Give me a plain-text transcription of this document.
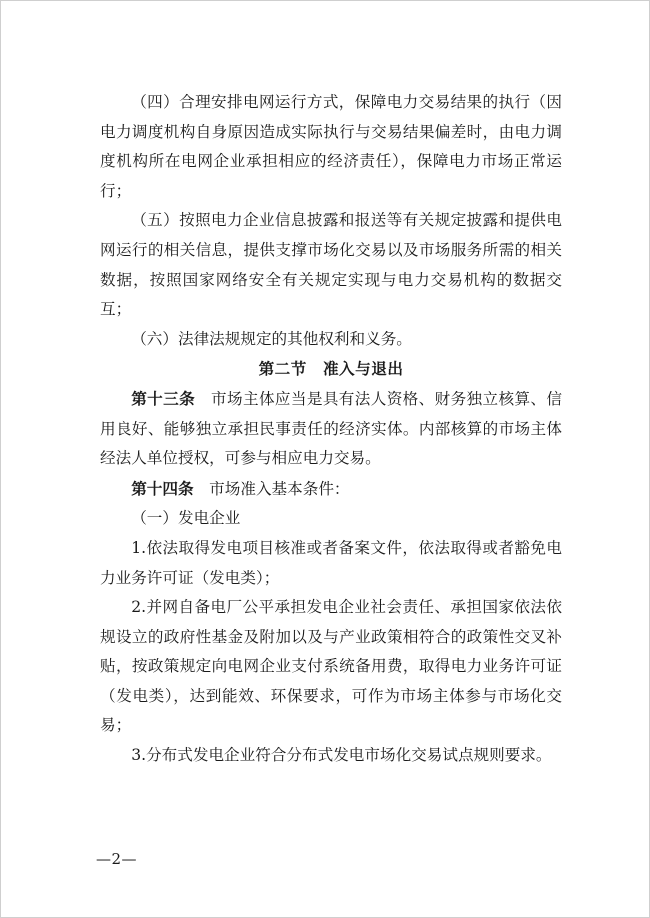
（四）合理安排电网运行方式，保障电力交易结果的执行（因电力调度机构自身原因造成实际执行与交易结果偏差时，由电力调度机构所在电网企业承担相应的经济责任），保障电力市场正常运行；

（五）按照电力企业信息披露和报送等有关规定披露和提供电网运行的相关信息，提供支撑市场化交易以及市场服务所需的相关数据，按照国家网络安全有关规定实现与电力交易机构的数据交互；

（六）法律法规规定的其他权利和义务。

第二节　准入与退出

第十三条　市场主体应当是具有法人资格、财务独立核算、信用良好、能够独立承担民事责任的经济实体。内部核算的市场主体经法人单位授权，可参与相应电力交易。

第十四条　市场准入基本条件：

（一）发电企业

1.依法取得发电项目核准或者备案文件，依法取得或者豁免电力业务许可证（发电类）；

2.并网自备电厂公平承担发电企业社会责任、承担国家依法依规设立的政府性基金及附加以及与产业政策相符合的政策性交叉补贴，按政策规定向电网企业支付系统备用费，取得电力业务许可证（发电类），达到能效、环保要求，可作为市场主体参与市场化交易；

3.分布式发电企业符合分布式发电市场化交易试点规则要求。

—2—
